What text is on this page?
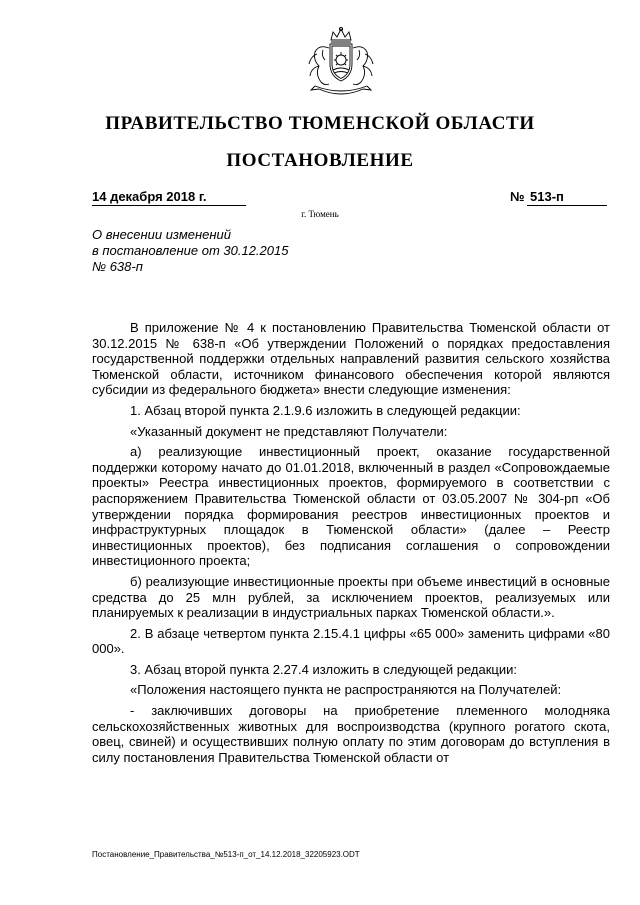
ПРАВИТЕЛЬСТВО ТЮМЕНСКОЙ ОБЛАСТИ
ПОСТАНОВЛЕНИЕ
14 декабря 2018 г.	№ 513-п
г. Тюмень
О внесении изменений
в постановление от 30.12.2015
№ 638-п

В приложение № 4 к постановлению Правительства Тюменской области от 30.12.2015 № 638-п «Об утверждении Положений о порядках предоставления государственной поддержки отдельных направлений развития сельского хозяйства Тюменской области, источником финансового обеспечения которой являются субсидии из федерального бюджета» внести следующие изменения:

1. Абзац второй пункта 2.1.9.6 изложить в следующей редакции:

«Указанный документ не представляют Получатели:

а) реализующие инвестиционный проект, оказание государственной поддержки которому начато до 01.01.2018, включенный в раздел «Сопровождаемые проекты» Реестра инвестиционных проектов, формируемого в соответствии с распоряжением Правительства Тюменской области от 03.05.2007 № 304-рп «Об утверждении порядка формирования реестров инвестиционных проектов и инфраструктурных площадок в Тюменской области» (далее – Реестр инвестиционных проектов), без подписания соглашения о сопровождении инвестиционного проекта;

б) реализующие инвестиционные проекты при объеме инвестиций в основные средства до 25 млн рублей, за исключением проектов, реализуемых или планируемых к реализации в индустриальных парках Тюменской области.».

2. В абзаце четвертом пункта 2.15.4.1 цифры «65 000» заменить цифрами «80 000».

3. Абзац второй пункта 2.27.4 изложить в следующей редакции:

«Положения настоящего пункта не распространяются на Получателей:

- заключивших договоры на приобретение племенного молодняка сельскохозяйственных животных для воспроизводства (крупного рогатого скота, овец, свиней) и осуществивших полную оплату по этим договорам до вступления в силу постановления Правительства Тюменской области от

Постановление_Правительства_№513-п_от_14.12.2018_32205923.ODT
